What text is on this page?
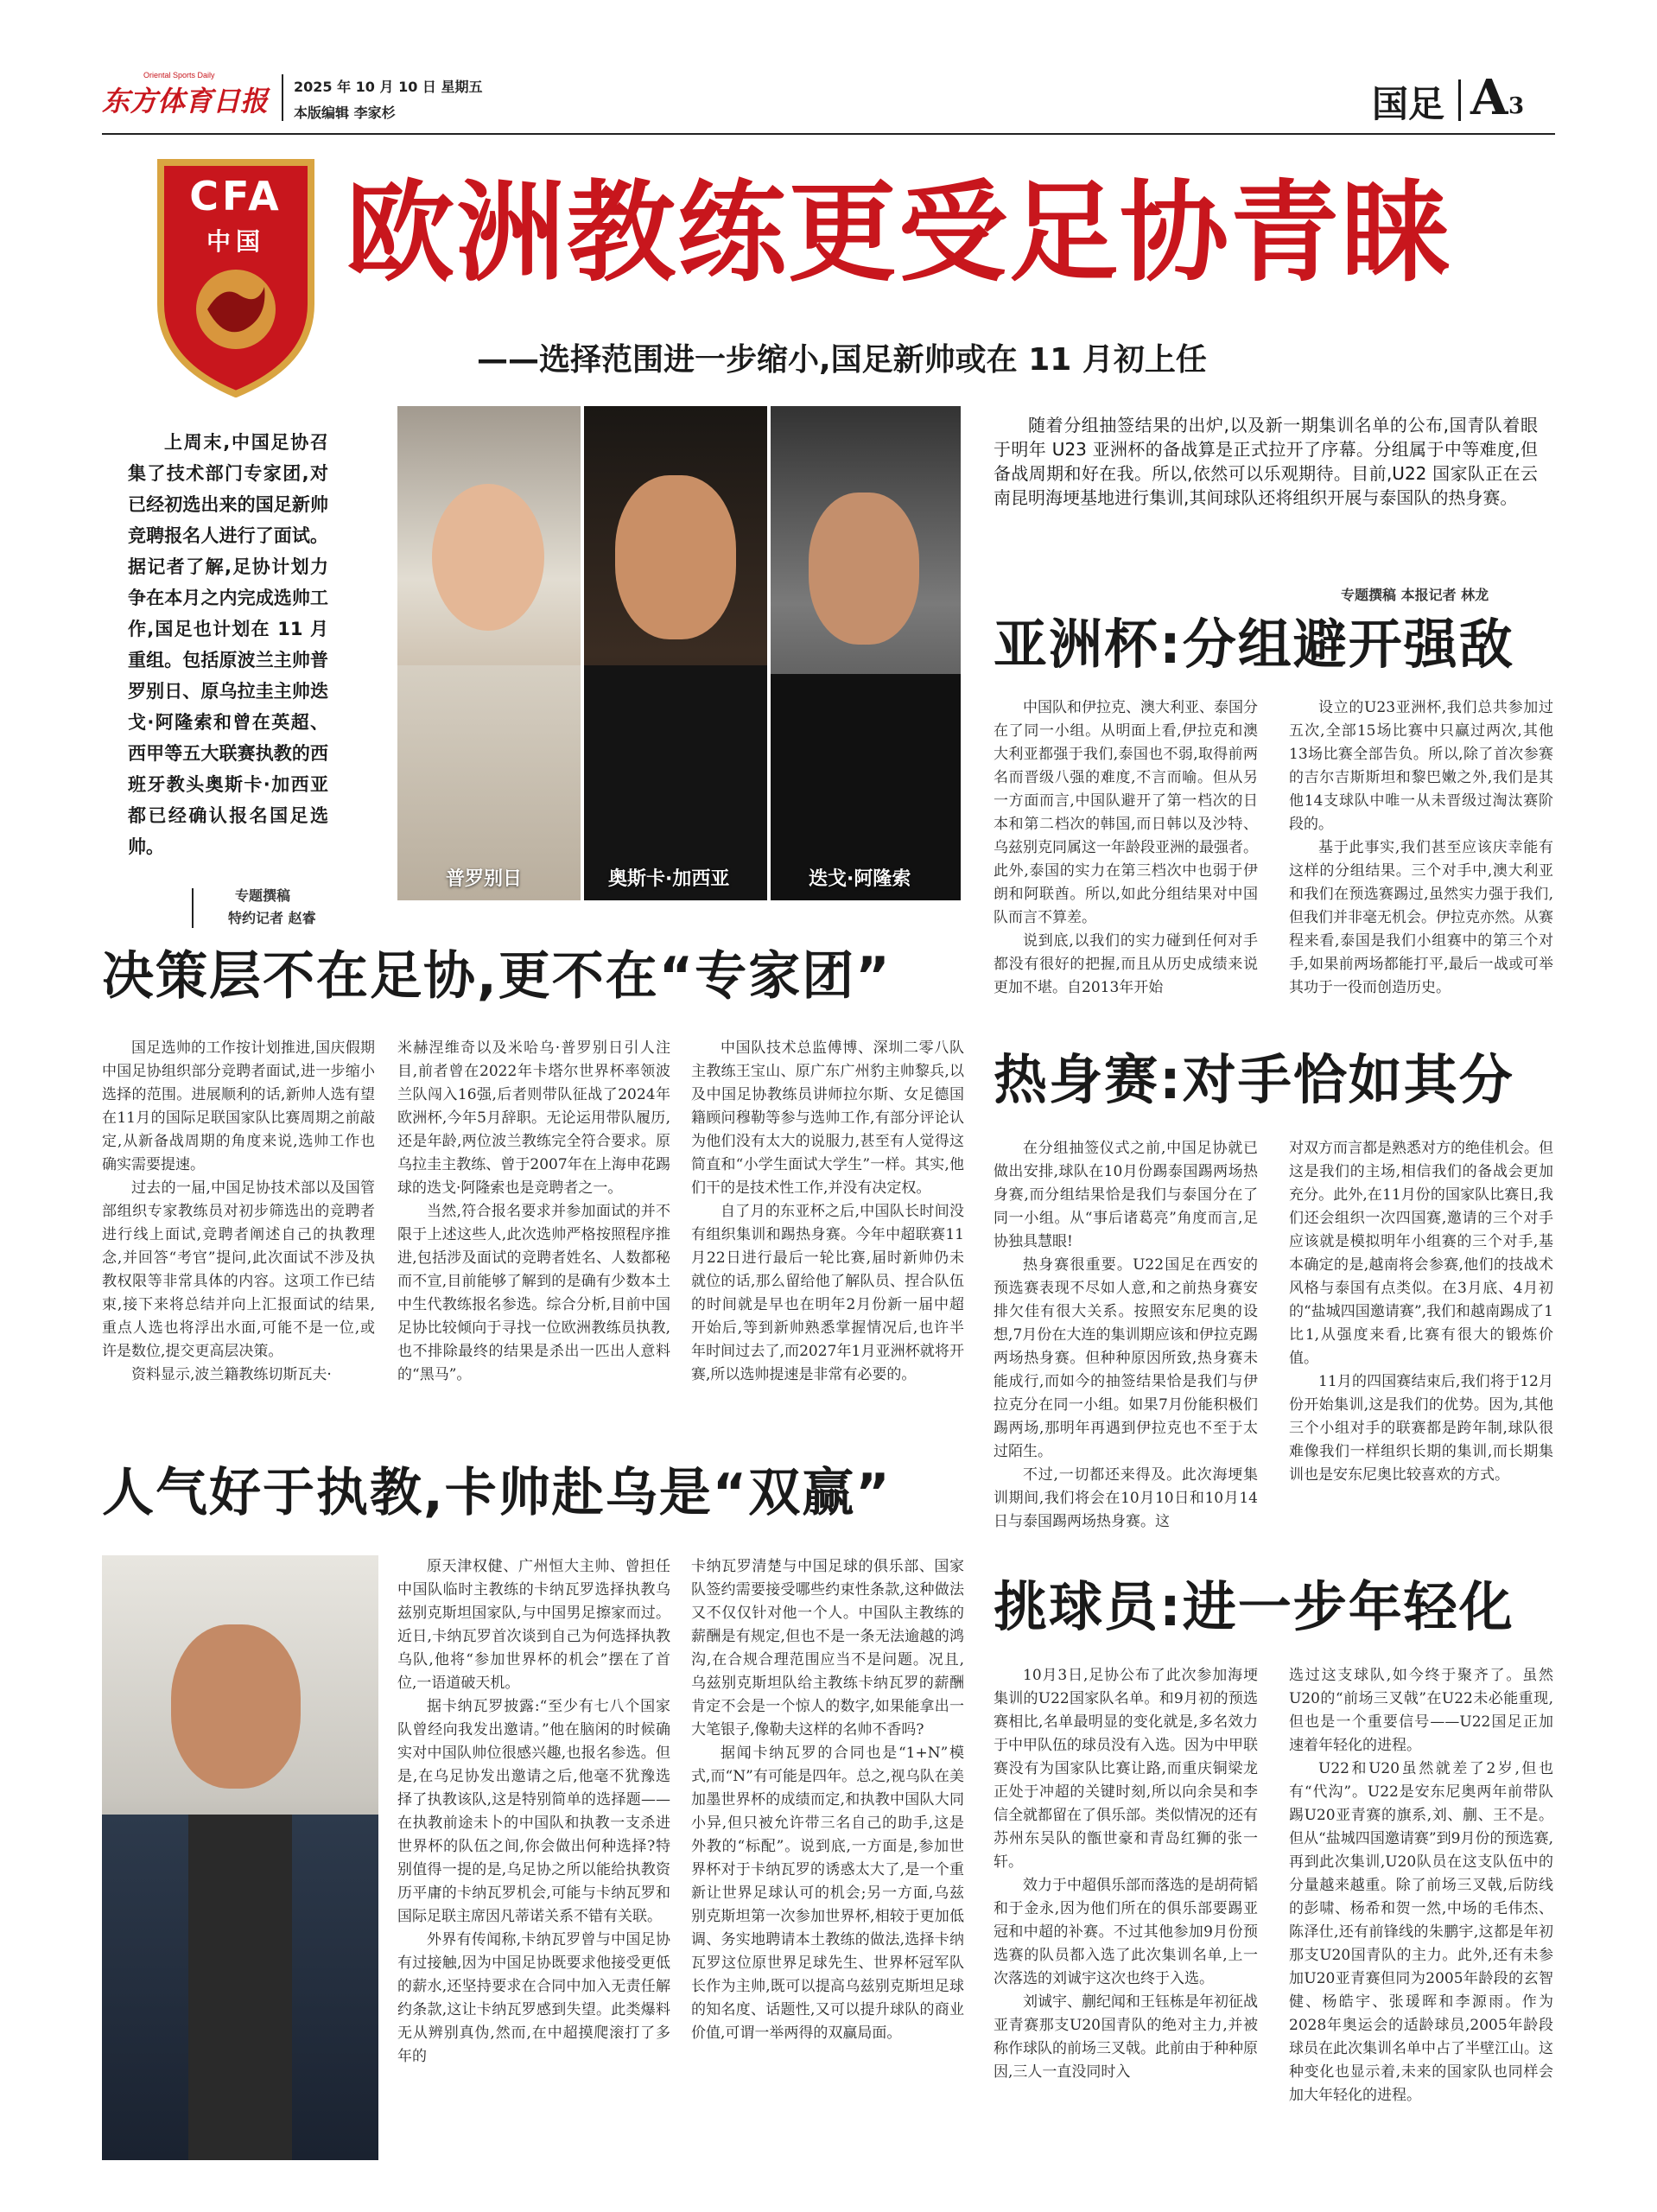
Oriental Sports Daily
东方体育日报 2025 年 10 月 10 日 星期五
本版编辑 李家杉	国足 A 3
CFA
中国 欧洲教练更受足协青睐
——选择范围进一步缩小,国足新帅或在 11 月初上任

上周末,中国足协召集了技术部门专家团,对已经初选出来的国足新帅竞聘报名人进行了面试。据记者了解,足协计划力争在本月之内完成选帅工作,国足也计划在 11 月重组。包括原波兰主帅普罗别日、原乌拉圭主帅迭戈·阿隆索和曾在英超、西甲等五大联赛执教的西班牙教头奥斯卡·加西亚都已经确认报名国足选帅。

专题撰稿
特约记者 赵睿
普罗别日	奥斯卡·加西亚	迭戈·阿隆索

随着分组抽签结果的出炉,以及新一期集训名单的公布,国青队着眼于明年 U23 亚洲杯的备战算是正式拉开了序幕。分组属于中等难度,但备战周期和好在我。所以,依然可以乐观期待。目前,U22 国家队正在云南昆明海埂基地进行集训,其间球队还将组织开展与泰国队的热身赛。

专题撰稿 本报记者 林龙
亚洲杯:分组避开强敌

中国队和伊拉克、澳大利亚、泰国分在了同一小组。从明面上看,伊拉克和澳大利亚都强于我们,泰国也不弱,取得前两名而晋级八强的难度,不言而喻。但从另一方面而言,中国队避开了第一档次的日本和第二档次的韩国,而日韩以及沙特、乌兹别克同属这一年龄段亚洲的最强者。此外,泰国的实力在第三档次中也弱于伊朗和阿联酋。所以,如此分组结果对中国队而言不算差。

说到底,以我们的实力碰到任何对手都没有很好的把握,而且从历史成绩来说更加不堪。自2013年开始

设立的U23亚洲杯,我们总共参加过五次,全部15场比赛中只赢过两次,其他13场比赛全部告负。所以,除了首次参赛的吉尔吉斯斯坦和黎巴嫩之外,我们是其他14支球队中唯一从未晋级过淘汰赛阶段的。

基于此事实,我们甚至应该庆幸能有这样的分组结果。三个对手中,澳大利亚和我们在预选赛踢过,虽然实力强于我们,但我们并非毫无机会。伊拉克亦然。从赛程来看,泰国是我们小组赛中的第三个对手,如果前两场都能打平,最后一战或可举其功于一役而创造历史。

决策层不在足协,更不在“专家团”

国足选帅的工作按计划推进,国庆假期中国足协组织部分竞聘者面试,进一步缩小选择的范围。进展顺利的话,新帅人选有望在11月的国际足联国家队比赛周期之前敲定,从新备战周期的角度来说,选帅工作也确实需要提速。

过去的一届,中国足协技术部以及国管部组织专家教练员对初步筛选出的竞聘者进行线上面试,竞聘者阐述自己的执教理念,并回答“考官”提问,此次面试不涉及执教权限等非常具体的内容。这项工作已结束,接下来将总结并向上汇报面试的结果,重点人选也将浮出水面,可能不是一位,或许是数位,提交更高层决策。

资料显示,波兰籍教练切斯瓦夫·

米赫涅维奇以及米哈乌·普罗别日引人注目,前者曾在2022年卡塔尔世界杯率领波兰队闯入16强,后者则带队征战了2024年欧洲杯,今年5月辞职。无论运用带队履历,还是年龄,两位波兰教练完全符合要求。原乌拉圭主教练、曾于2007年在上海申花踢球的迭戈·阿隆索也是竞聘者之一。

当然,符合报名要求并参加面试的并不限于上述这些人,此次选帅严格按照程序推进,包括涉及面试的竞聘者姓名、人数都秘而不宣,目前能够了解到的是确有少数本土中生代教练报名参选。综合分析,目前中国足协比较倾向于寻找一位欧洲教练员执教,也不排除最终的结果是杀出一匹出人意料的“黑马”。

中国队技术总监傅博、深圳二零八队主教练王宝山、原广东广州豹主帅黎兵,以及中国足协教练员讲师拉尔斯、女足德国籍顾问穆勒等参与选帅工作,有部分评论认为他们没有太大的说服力,甚至有人觉得这简直和“小学生面试大学生”一样。其实,他们干的是技术性工作,并没有决定权。

自了月的东亚杯之后,中国队长时间没有组织集训和踢热身赛。今年中超联赛11月22日进行最后一轮比赛,届时新帅仍未就位的话,那么留给他了解队员、捏合队伍的时间就是早也在明年2月份新一届中超开始后,等到新帅熟悉掌握情况后,也许半年时间过去了,而2027年1月亚洲杯就将开赛,所以选帅提速是非常有必要的。

热身赛:对手恰如其分

在分组抽签仪式之前,中国足协就已做出安排,球队在10月份踢泰国踢两场热身赛,而分组结果恰是我们与泰国分在了同一小组。从“事后诸葛亮”角度而言,足协独具慧眼!

热身赛很重要。U22国足在西安的预选赛表现不尽如人意,和之前热身赛安排欠佳有很大关系。按照安东尼奥的设想,7月份在大连的集训期应该和伊拉克踢两场热身赛。但种种原因所致,热身赛未能成行,而如今的抽签结果恰是我们与伊拉克分在同一小组。如果7月份能积极们踢两场,那明年再遇到伊拉克也不至于太过陌生。

不过,一切都还来得及。此次海埂集训期间,我们将会在10月10日和10月14日与泰国踢两场热身赛。这

对双方而言都是熟悉对方的绝佳机会。但这是我们的主场,相信我们的备战会更加充分。此外,在11月份的国家队比赛日,我们还会组织一次四国赛,邀请的三个对手应该就是模拟明年小组赛的三个对手,基本确定的是,越南将会参赛,他们的技战术风格与泰国有点类似。在3月底、4月初的“盐城四国邀请赛”,我们和越南踢成了1比1,从强度来看,比赛有很大的锻炼价值。

11月的四国赛结束后,我们将于12月份开始集训,这是我们的优势。因为,其他三个小组对手的联赛都是跨年制,球队很难像我们一样组织长期的集训,而长期集训也是安东尼奥比较喜欢的方式。

人气好于执教,卡帅赴乌是“双赢”

原天津权健、广州恒大主帅、曾担任中国队临时主教练的卡纳瓦罗选择执教乌兹别克斯坦国家队,与中国男足擦家而过。近日,卡纳瓦罗首次谈到自己为何选择执教乌队,他将“参加世界杯的机会”摆在了首位,一语道破天机。

据卡纳瓦罗披露:“至少有七八个国家队曾经向我发出邀请。”他在脑闲的时候确实对中国队帅位很感兴趣,也报名参选。但是,在乌足协发出邀请之后,他毫不犹豫选择了执教该队,这是特别简单的选择题——在执教前途未卜的中国队和执教一支杀进世界杯的队伍之间,你会做出何种选择?特别值得一提的是,乌足协之所以能给执教资历平庸的卡纳瓦罗机会,可能与卡纳瓦罗和国际足联主席因凡蒂诺关系不错有关联。

外界有传闻称,卡纳瓦罗曾与中国足协有过接触,因为中国足协既要求他接受更低的薪水,还坚持要求在合同中加入无责任解约条款,这让卡纳瓦罗感到失望。此类爆料无从辨别真伪,然而,在中超摸爬滚打了多年的

卡纳瓦罗清楚与中国足球的俱乐部、国家队签约需要接受哪些约束性条款,这种做法又不仅仅针对他一个人。中国队主教练的薪酬是有规定,但也不是一条无法逾越的鸿沟,在合规合理范围应当不是问题。况且,乌兹别克斯坦队给主教练卡纳瓦罗的薪酬肯定不会是一个惊人的数字,如果能拿出一大笔银子,像勒夫这样的名帅不香吗?

据闻卡纳瓦罗的合同也是“1+N”模式,而“N”有可能是四年。总之,视乌队在美加墨世界杯的成绩而定,和执教中国队大同小异,但只被允许带三名自己的助手,这是外教的“标配”。说到底,一方面是,参加世界杯对于卡纳瓦罗的诱惑太大了,是一个重新让世界足球认可的机会;另一方面,乌兹别克斯坦第一次参加世界杯,相较于更加低调、务实地聘请本土教练的做法,选择卡纳瓦罗这位原世界足球先生、世界杯冠军队长作为主帅,既可以提高乌兹别克斯坦足球的知名度、话题性,又可以提升球队的商业价值,可谓一举两得的双赢局面。

挑球员:进一步年轻化

10月3日,足协公布了此次参加海埂集训的U22国家队名单。和9月初的预选赛相比,名单最明显的变化就是,多名效力于中甲队伍的球员没有入选。因为中甲联赛没有为国家队比赛让路,而重庆铜梁龙正处于冲超的关键时刻,所以向余昊和李信全就都留在了俱乐部。类似情况的还有苏州东吴队的甑世豪和青岛红狮的张一轩。

效力于中超俱乐部而落选的是胡荷韬和于金永,因为他们所在的俱乐部要踢亚冠和中超的补赛。不过其他参加9月份预选赛的队员都入选了此次集训名单,上一次落选的刘诚宇这次也终于入选。

刘诚宇、蒯纪闻和王钰栋是年初征战亚青赛那支U20国青队的绝对主力,并被称作球队的前场三叉戟。此前由于种种原因,三人一直没同时入

选过这支球队,如今终于聚齐了。虽然U20的“前场三叉戟”在U22未必能重现,但也是一个重要信号——U22国足正加速着年轻化的进程。

U22和U20虽然就差了2岁,但也有“代沟”。U22是安东尼奥两年前带队踢U20亚青赛的旗系,刘、蒯、王不是。但从“盐城四国邀请赛”到9月份的预选赛,再到此次集训,U20队员在这支队伍中的分量越来越重。除了前场三叉戟,后防线的彭啸、杨希和贺一然,中场的毛伟杰、陈泽仕,还有前锋线的朱鹏宇,这都是年初那支U20国青队的主力。此外,还有未参加U20亚青赛但同为2005年龄段的玄智健、杨皓宇、张瑗晖和李源雨。作为2028年奥运会的适龄球员,2005年龄段球员在此次集训名单中占了半壁江山。这种变化也显示着,未来的国家队也同样会加大年轻化的进程。
